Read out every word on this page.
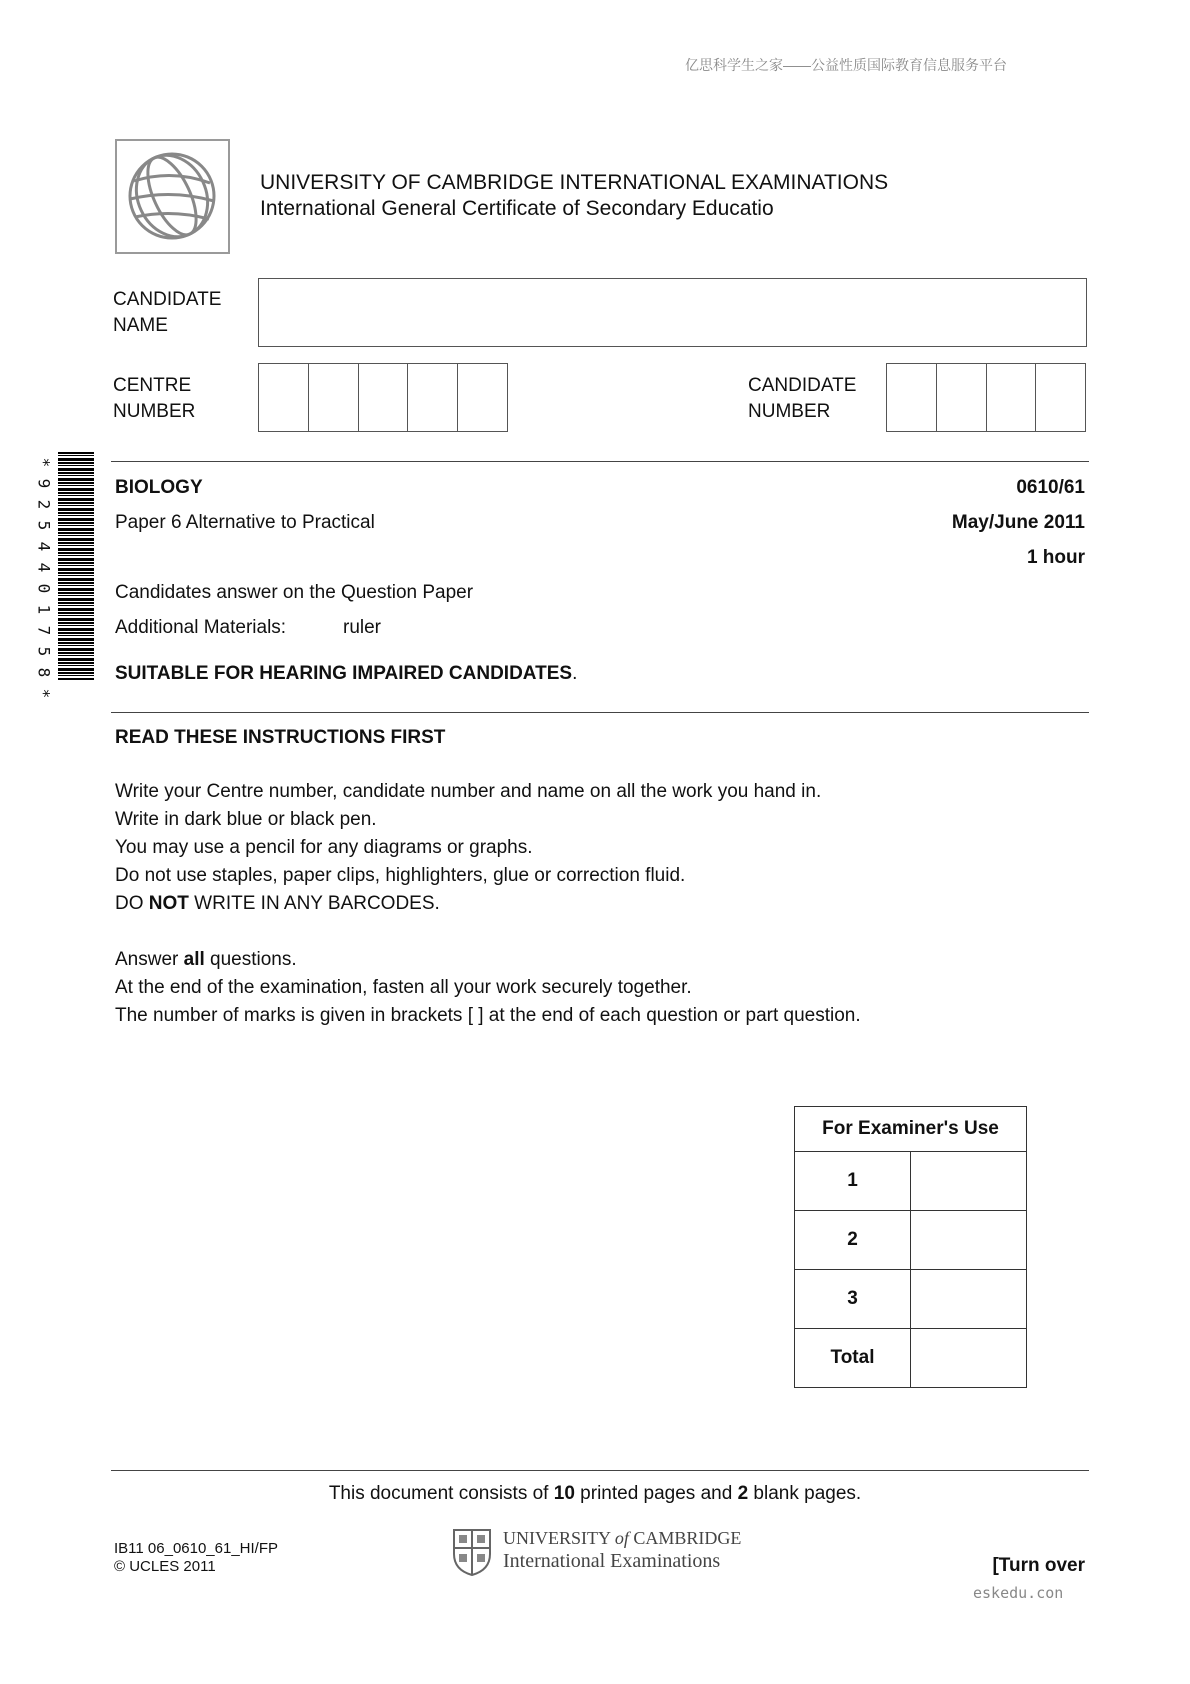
亿思科学生之家——公益性质国际教育信息服务平台
UNIVERSITY OF CAMBRIDGE INTERNATIONAL EXAMINATIONS
International General Certificate of Secondary Educatio
CANDIDATE
NAME
CENTRE
NUMBER
CANDIDATE
NUMBER
*
9
2
5
4
4
0
1
7
5
8
*
BIOLOGY	0610/61
Paper 6 Alternative to Practical	May/June 2011
1 hour
Candidates answer on the Question Paper
Additional Materials:	ruler
SUITABLE FOR HEARING IMPAIRED CANDIDATES.
READ THESE INSTRUCTIONS FIRST
Write your Centre number, candidate number and name on all the work you hand in.
Write in dark blue or black pen.
You may use a pencil for any diagrams or graphs.
Do not use staples, paper clips, highlighters, glue or correction fluid.
DO NOT WRITE IN ANY BARCODES.
Answer all questions.
At the end of the examination, fasten all your work securely together.
The number of marks is given in brackets [ ] at the end of each question or part question.
For Examiner's Use	
1	
2	
3	
Total	
This document consists of 10 printed pages and 2 blank pages.
IB11 06_0610_61_HI/FP
© UCLES 2011
UNIVERSITY of CAMBRIDGE
International Examinations	[Turn over
eskedu.con
